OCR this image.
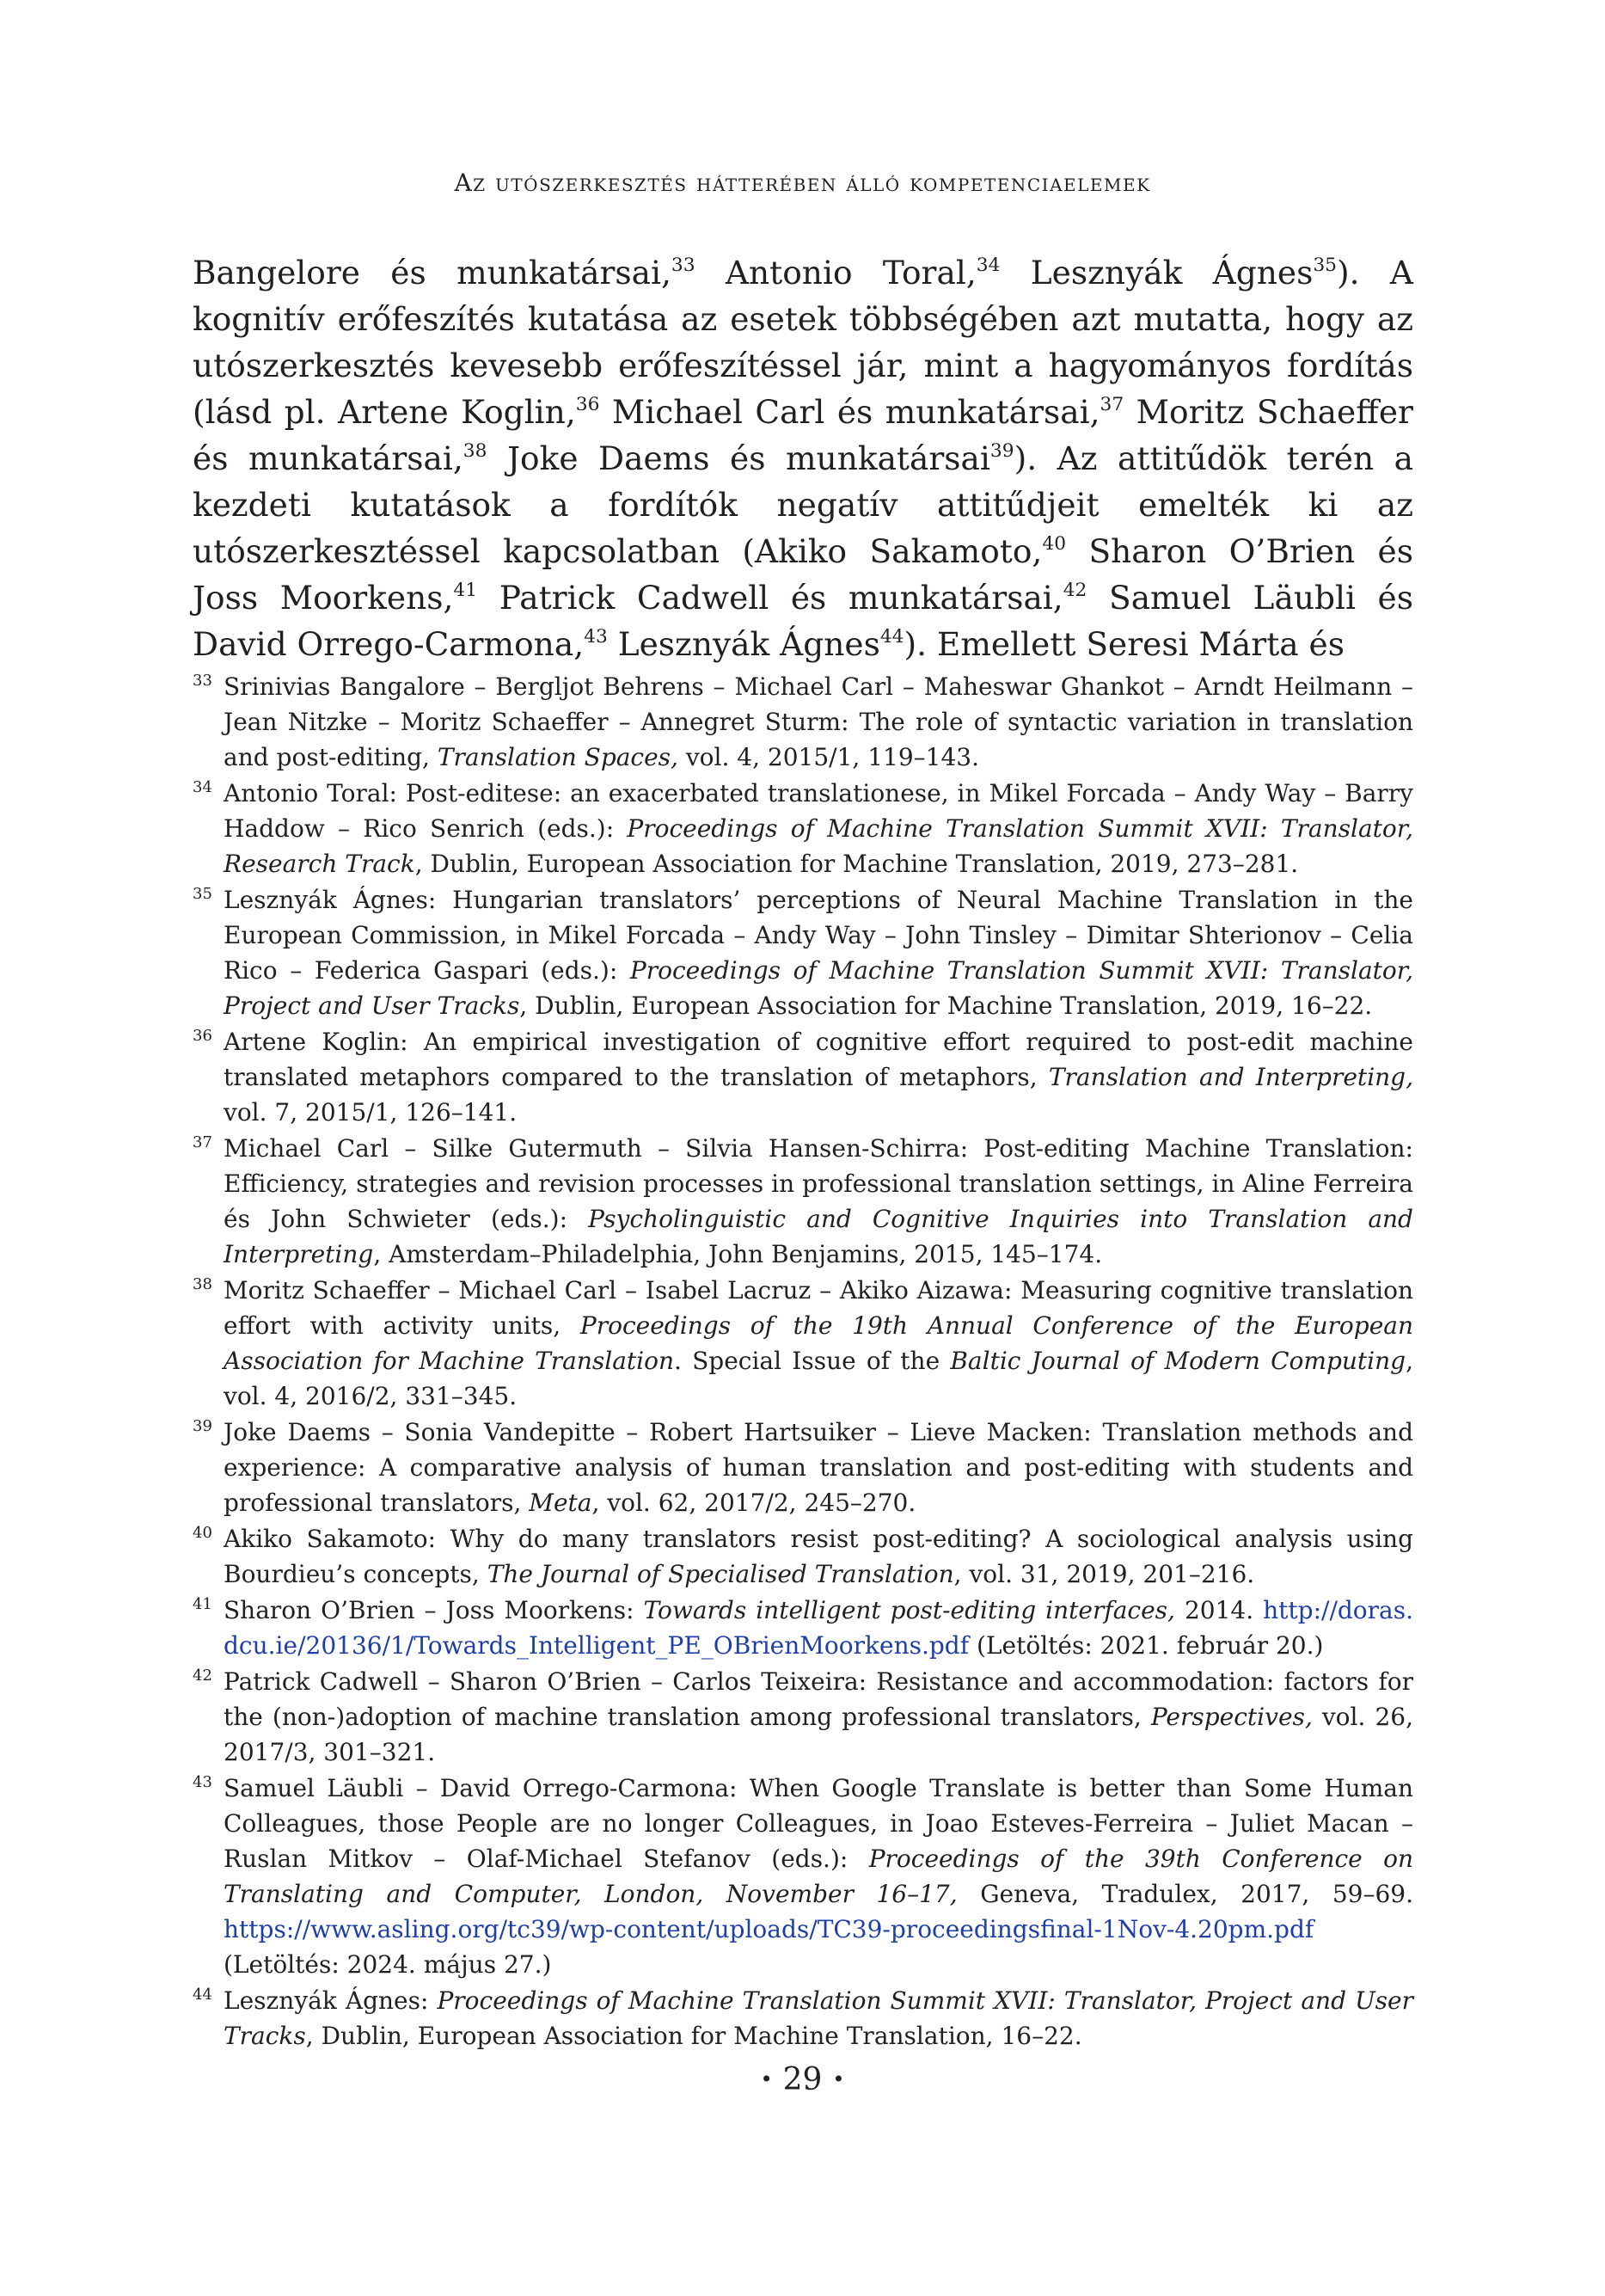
Az utószerkesztés hátterében álló kompetenciaelemek

Bangelore és munkatársai,$^{33}$ Antonio Toral,$^{34}$ Lesznyák Ágnes$^{35}$). A kognitív erőfeszítés kutatása az esetek többségében azt mutatta, hogy az utószerkesztés kevesebb erőfeszítéssel jár, mint a hagyományos fordítás (lásd pl. Artene Koglin,$^{36}$ Michael Carl és munkatársai,$^{37}$ Moritz Schaeffer és munkatársai,$^{38}$ Joke Daems és munkatársai$^{39}$). Az attitűdök terén a kezdeti kutatások a fordítók negatív attitűdjeit emelték ki az utószerkesztéssel kapcsolatban (Akiko Sakamoto,$^{40}$ Sharon O’Brien és Joss Moorkens,$^{41}$ Patrick Cadwell és munkatársai,$^{42}$ Samuel Läubli és David Orrego-Carmona,$^{43}$ Lesznyák Ágnes$^{44}$). Emellett Seresi Márta és

33 Srinivias Bangalore – Bergljot Behrens – Michael Carl – Maheswar Ghankot – Arndt Heilmann – Jean Nitzke – Moritz Schaeffer – Annegret Sturm: The role of syntactic variation in translation and post-editing, Translation Spaces, vol. 4, 2015/1, 119–143.
34 Antonio Toral: Post-editese: an exacerbated translationese, in Mikel Forcada – Andy Way – Barry Haddow – Rico Senrich (eds.): Proceedings of Machine Translation Summit XVII: Translator, Research Track, Dublin, European Association for Machine Translation, 2019, 273–281.
35 Lesznyák Ágnes: Hungarian translators’ perceptions of Neural Machine Translation in the European Commission, in Mikel Forcada – Andy Way – John Tinsley – Dimitar Shterionov – Celia Rico – Federica Gaspari (eds.): Proceedings of Machine Translation Summit XVII: Translator, Project and User Tracks, Dublin, European Association for Machine Translation, 2019, 16–22.
36 Artene Koglin: An empirical investigation of cognitive effort required to post-edit machine translated metaphors compared to the translation of metaphors, Translation and Interpreting, vol. 7, 2015/1, 126–141.
37 Michael Carl – Silke Gutermuth – Silvia Hansen-Schirra: Post-editing Machine Translation: Efficiency, strategies and revision processes in professional translation settings, in Aline Ferreira és John Schwieter (eds.): Psycholinguistic and Cognitive Inquiries into Translation and Interpreting, Amsterdam–Philadelphia, John Benjamins, 2015, 145–174.
38 Moritz Schaeffer – Michael Carl – Isabel Lacruz – Akiko Aizawa: Measuring cognitive translation effort with activity units, Proceedings of the 19th Annual Conference of the European Association for Machine Translation. Special Issue of the Baltic Journal of Modern Computing, vol. 4, 2016/2, 331–345.
39 Joke Daems – Sonia Vandepitte – Robert Hartsuiker – Lieve Macken: Translation methods and experience: A comparative analysis of human translation and post-editing with students and professional translators, Meta, vol. 62, 2017/2, 245–270.
40 Akiko Sakamoto: Why do many translators resist post-editing? A sociological analysis using Bourdieu’s concepts, The Journal of Specialised Translation, vol. 31, 2019, 201–216.
41 Sharon O’Brien – Joss Moorkens: Towards intelligent post-editing interfaces, 2014. http://doras.​dcu.ie/20136/1/Towards_Intelligent_PE_OBrienMoorkens.pdf (Letöltés: 2021. február 20.)
42 Patrick Cadwell – Sharon O’Brien – Carlos Teixeira: Resistance and accommodation: factors for the (non-)adoption of machine translation among professional translators, Perspectives, vol. 26, 2017/3, 301–321.
43 Samuel Läubli – David Orrego-Carmona: When Google Translate is better than Some Human Colleagues, those People are no longer Colleagues, in Joao Esteves-Ferreira – Juliet Macan – Ruslan Mitkov – Olaf-Michael Stefanov (eds.): Proceedings of the 39th Conference on Translating and Computer, London, November 16–17, Geneva, Tradulex, 2017, 59–69. https://www.asling.​org/tc39/wp-content/uploads/TC39-proceedingsfinal-1Nov-4.20pm.pdf (Letöltés: 2024. május 27.)
44 Lesznyák Ágnes: Proceedings of Machine Translation Summit XVII: Translator, Project and User Tracks, Dublin, European Association for Machine Translation, 16–22.
• 29 •
